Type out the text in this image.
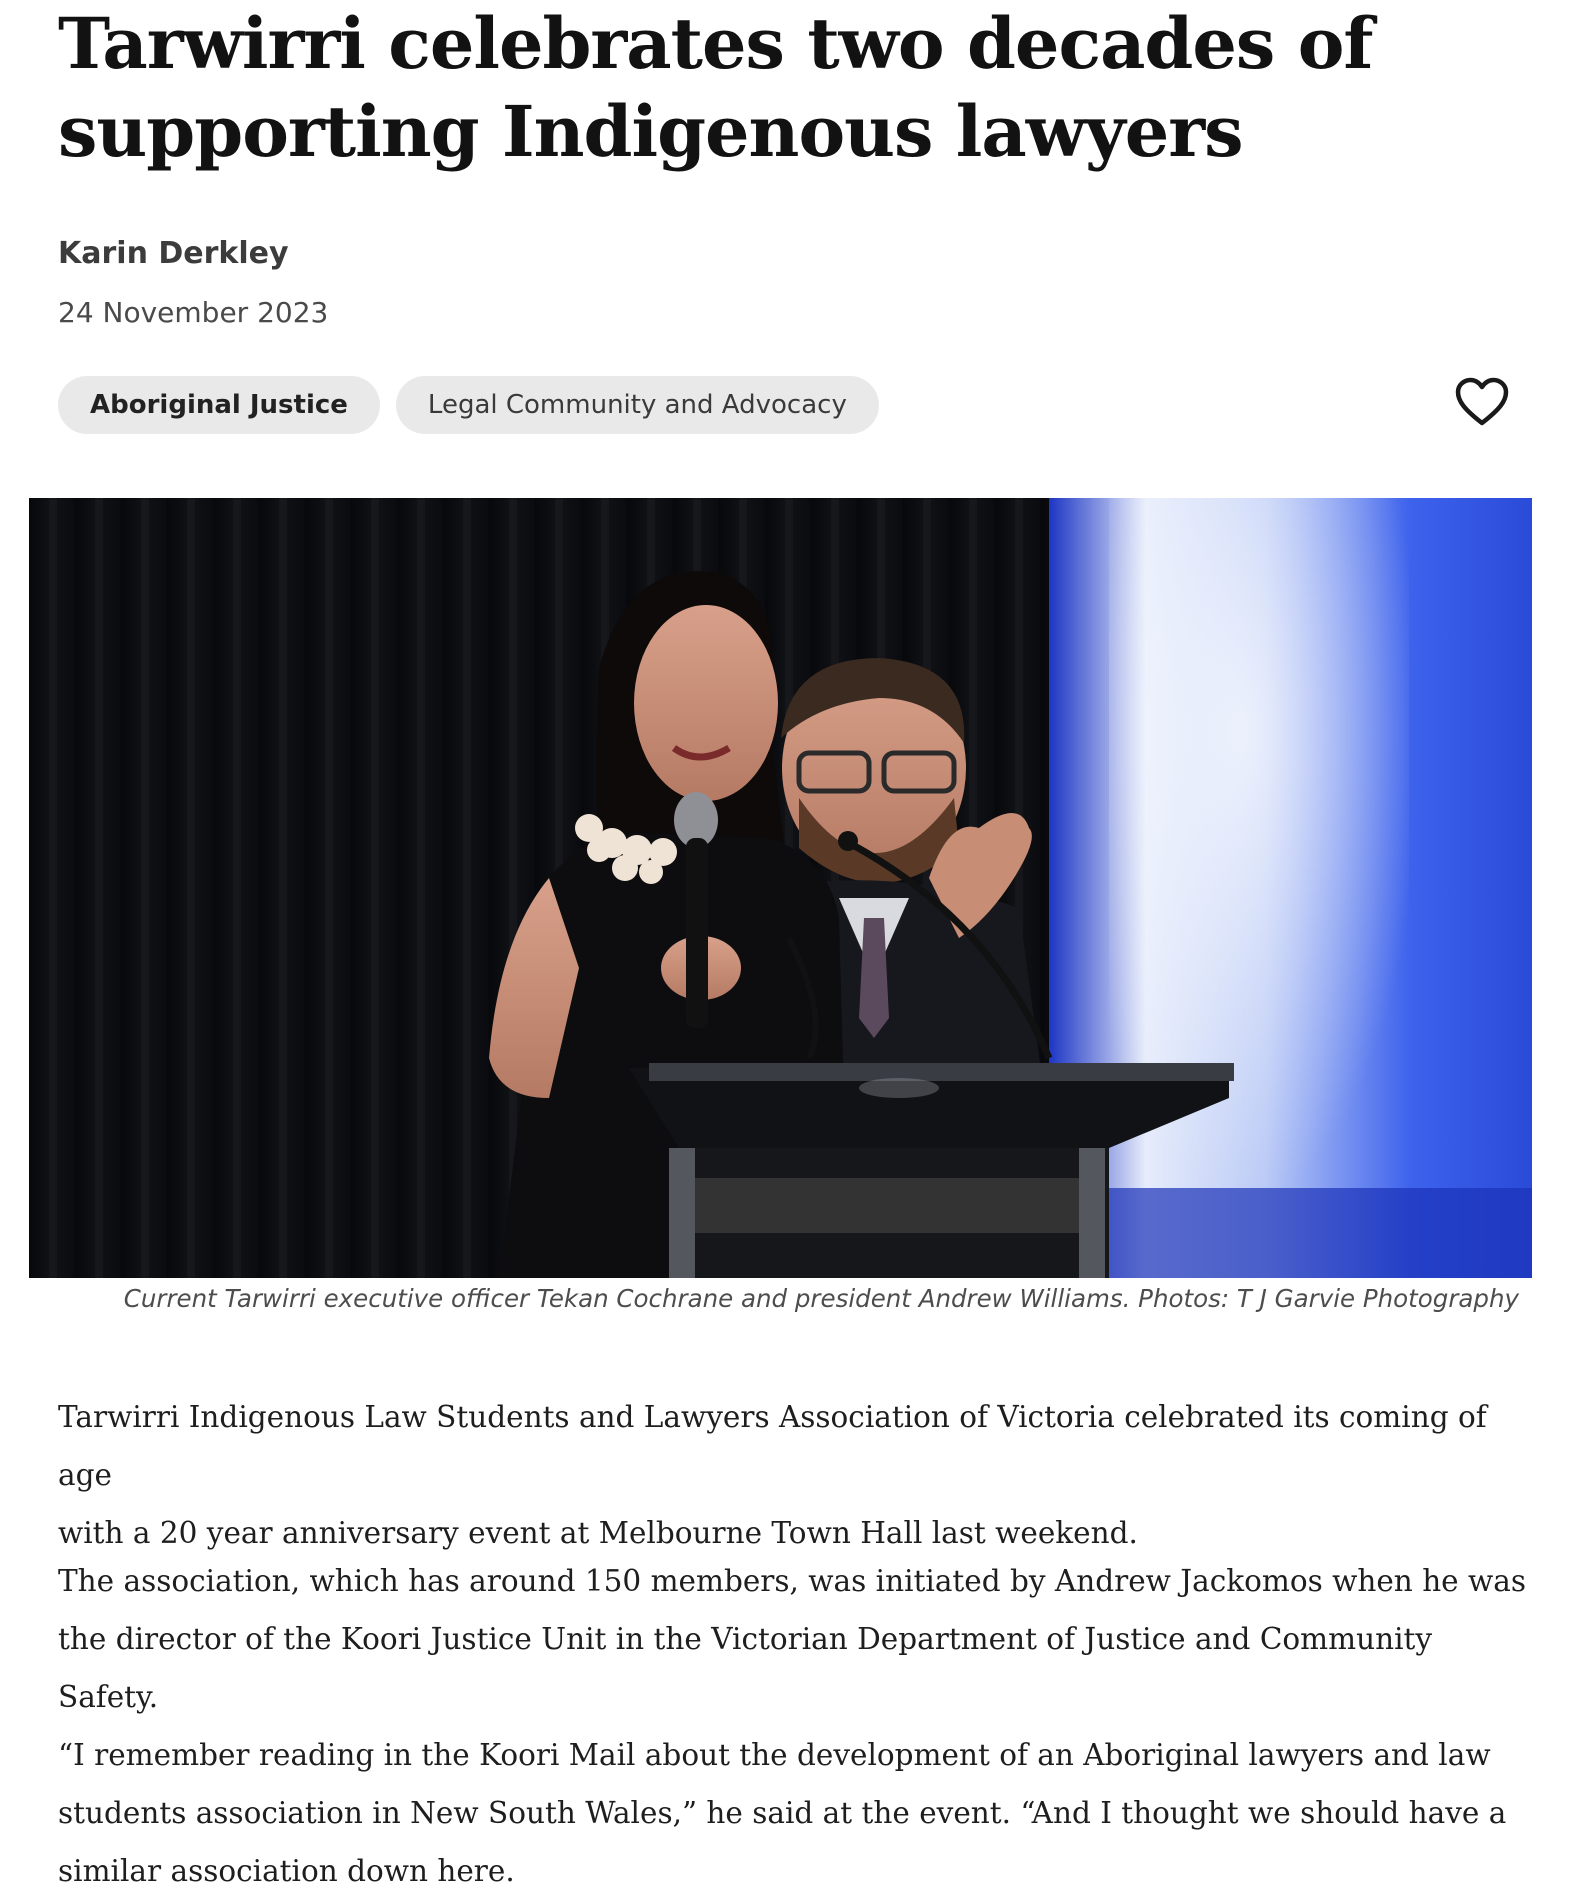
Tarwirri celebrates two decades of
supporting Indigenous lawyers

Karin Derkley

24 November 2023

Aboriginal Justice	Legal Community and Advocacy

Current Tarwirri executive officer Tekan Cochrane and president Andrew Williams. Photos: T J Garvie Photography

Tarwirri Indigenous Law Students and Lawyers Association of Victoria celebrated its coming of age
with a 20 year anniversary event at Melbourne Town Hall last weekend.

The association, which has around 150 members, was initiated by Andrew Jackomos when he was
the director of the Koori Justice Unit in the Victorian Department of Justice and Community Safety.

“I remember reading in the Koori Mail about the development of an Aboriginal lawyers and law
students association in New South Wales,” he said at the event. “And I thought we should have a
similar association down here.
